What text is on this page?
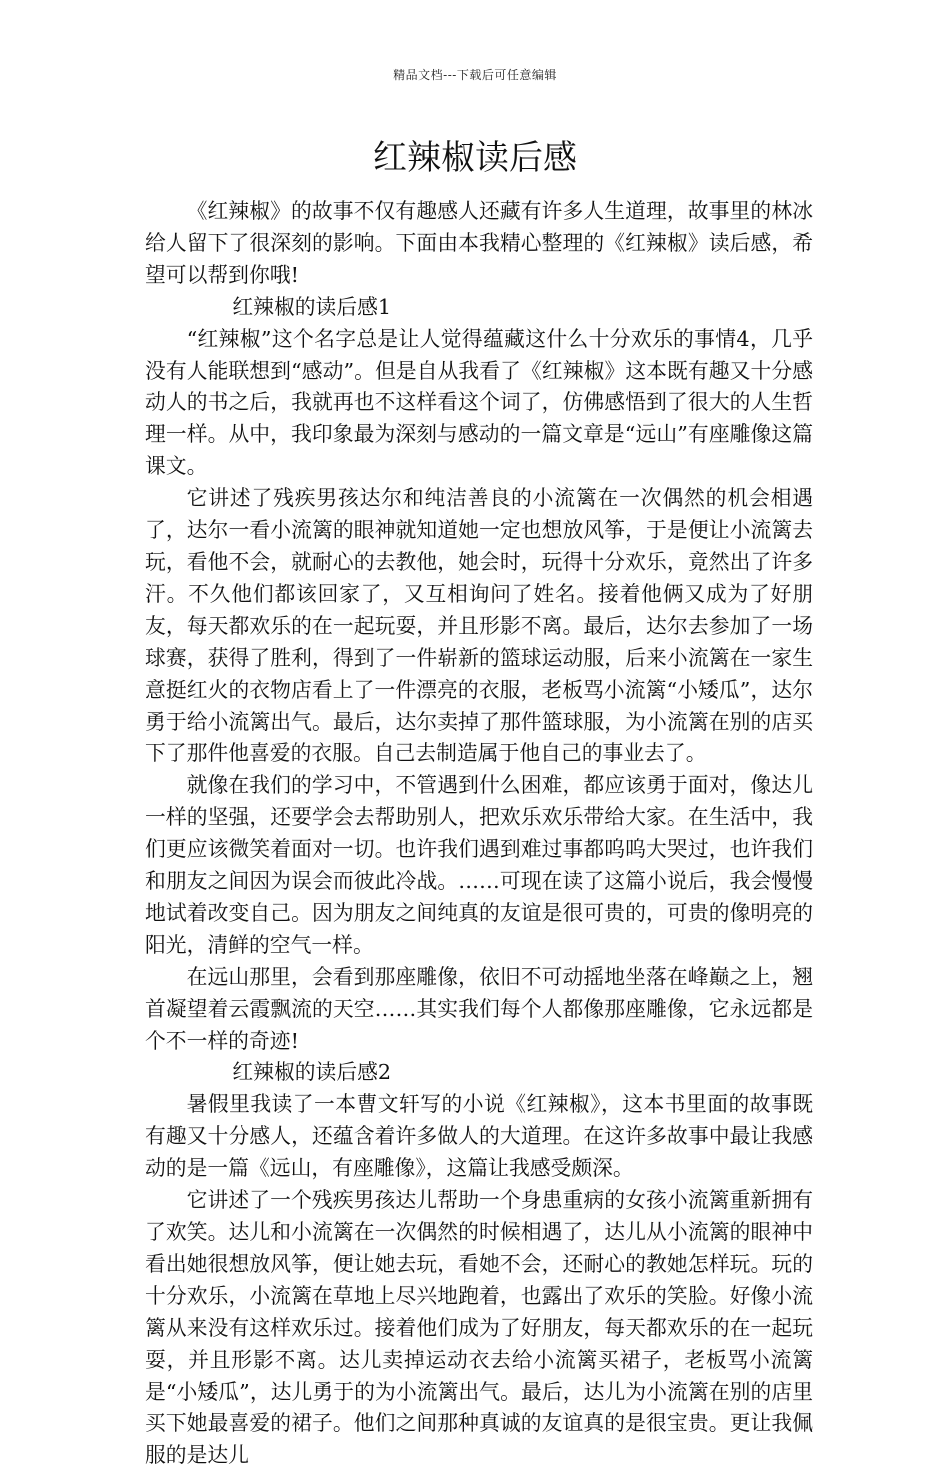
精品文档---下载后可任意编辑
红辣椒读后感

《红辣椒》的故事不仅有趣感人还藏有许多人生道理，故事里的林冰给人留下了很深刻的影响。下面由本我精心整理的《红辣椒》读后感，希望可以帮到你哦!

红辣椒的读后感1

“红辣椒”这个名字总是让人觉得蕴藏这什么十分欢乐的事情4，几乎没有人能联想到“感动”。但是自从我看了《红辣椒》这本既有趣又十分感动人的书之后，我就再也不这样看这个词了，仿佛感悟到了很大的人生哲理一样。从中，我印象最为深刻与感动的一篇文章是“远山”有座雕像这篇课文。

它讲述了残疾男孩达尔和纯洁善良的小流篱在一次偶然的机会相遇了，达尔一看小流篱的眼神就知道她一定也想放风筝，于是便让小流篱去玩，看他不会，就耐心的去教他，她会时，玩得十分欢乐，竟然出了许多汗。不久他们都该回家了，又互相询问了姓名。接着他俩又成为了好朋友，每天都欢乐的在一起玩耍，并且形影不离。最后，达尔去参加了一场球赛，获得了胜利，得到了一件崭新的篮球运动服，后来小流篱在一家生意挺红火的衣物店看上了一件漂亮的衣服，老板骂小流篱“小矮瓜”，达尔勇于给小流篱出气。最后，达尔卖掉了那件篮球服，为小流篱在别的店买下了那件他喜爱的衣服。自己去制造属于他自己的事业去了。

就像在我们的学习中，不管遇到什么困难，都应该勇于面对，像达儿一样的坚强，还要学会去帮助别人，把欢乐欢乐带给大家。在生活中，我们更应该微笑着面对一切。也许我们遇到难过事都呜呜大哭过，也许我们和朋友之间因为误会而彼此冷战。……可现在读了这篇小说后，我会慢慢地试着改变自己。因为朋友之间纯真的友谊是很可贵的，可贵的像明亮的阳光，清鲜的空气一样。

在远山那里，会看到那座雕像，依旧不可动摇地坐落在峰巅之上，翘首凝望着云霞飘流的天空……其实我们每个人都像那座雕像，它永远都是个不一样的奇迹!

红辣椒的读后感2

暑假里我读了一本曹文轩写的小说《红辣椒》，这本书里面的故事既有趣又十分感人，还蕴含着许多做人的大道理。在这许多故事中最让我感动的是一篇《远山，有座雕像》，这篇让我感受颇深。

它讲述了一个残疾男孩达儿帮助一个身患重病的女孩小流篱重新拥有了欢笑。达儿和小流篱在一次偶然的时候相遇了，达儿从小流篱的眼神中看出她很想放风筝，便让她去玩，看她不会，还耐心的教她怎样玩。玩的十分欢乐，小流篱在草地上尽兴地跑着，也露出了欢乐的笑脸。好像小流篱从来没有这样欢乐过。接着他们成为了好朋友，每天都欢乐的在一起玩耍，并且形影不离。达儿卖掉运动衣去给小流篱买裙子，老板骂小流篱是“小矮瓜”，达儿勇于的为小流篱出气。最后，达儿为小流篱在别的店里买下她最喜爱的裙子。他们之间那种真诚的友谊真的是很宝贵。更让我佩服的是达儿
